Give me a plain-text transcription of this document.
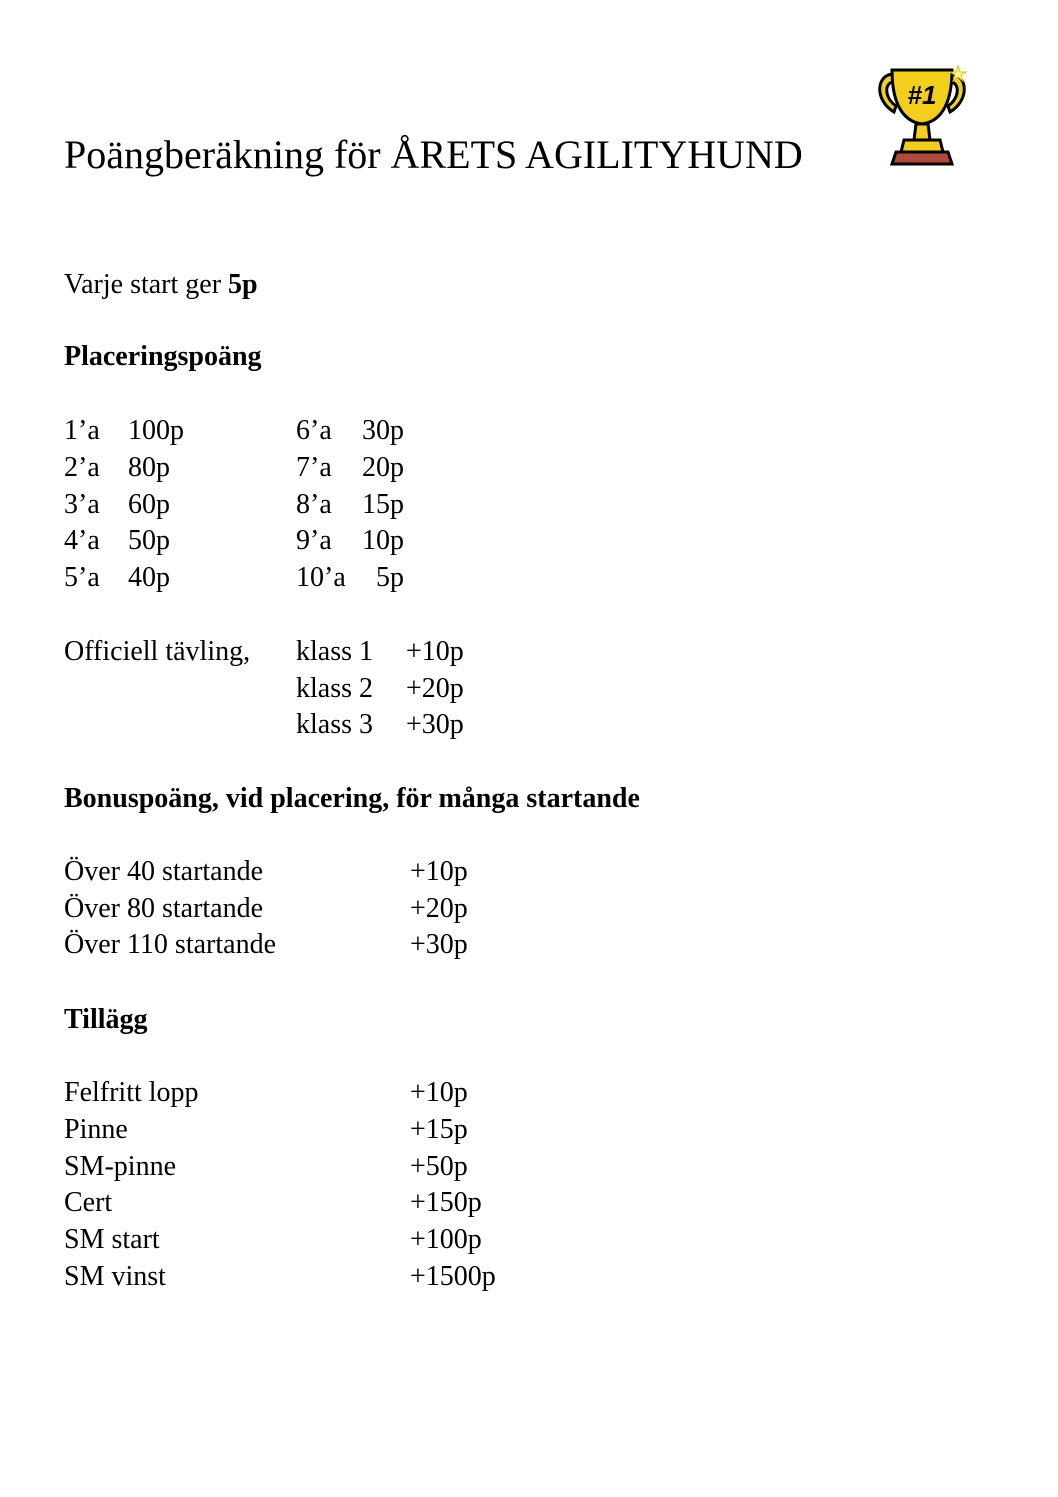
Poängberäkning för ÅRETS AGILITYHUND
#1
Varje start ger 5p
Placeringspoäng
1’a 100p
2’a 80p
3’a 60p
4’a 50p
5’a 40p
6’a 30p
7’a 20p
8’a 15p
9’a 10p
10’a 5p
Officiell tävling, klass 1 +10p
klass 2 +20p
klass 3 +30p
Bonuspoäng, vid placering, för många startande
Över 40 startande	+10p
Över 80 startande	+20p
Över 110 startande	+30p
Tillägg
Felfritt lopp	+10p
Pinne	+15p
SM-pinne	+50p
Cert	+150p
SM start	+100p
SM vinst	+1500p
